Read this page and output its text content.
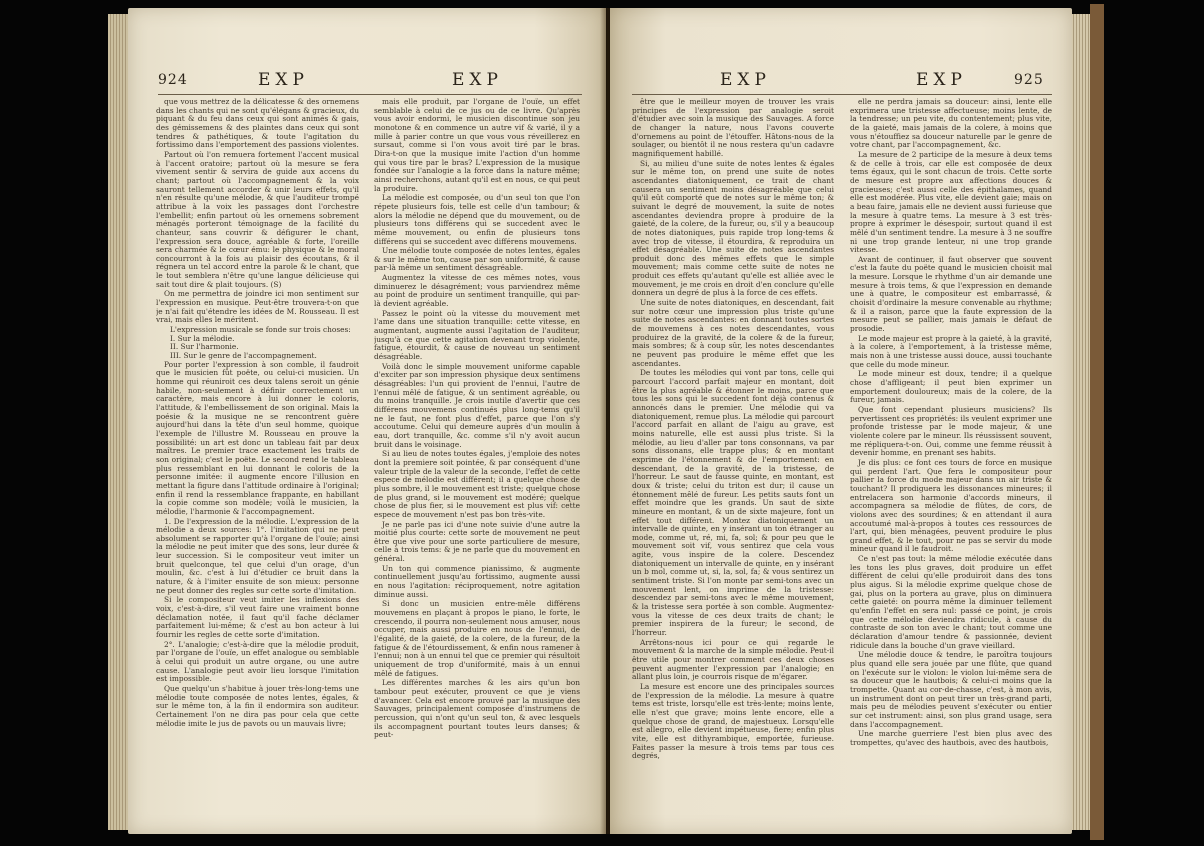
924	EXP	EXP

que vous mettrez de la délicatesse & des ornemens dans les chants qui ne sont qu'élégans & gracieux, du piquant & du feu dans ceux qui sont animés & gais, des gémissemens & des plaintes dans ceux qui sont tendres & pathétiques, & toute l'agitation du fortissimo dans l'emportement des passions violentes.

Partout où l'on remuera fortement l'accent musical à l'accent oratoire; partout où la mesure se fera vivement sentir & servira de guide aux accens du chant; partout où l'accompagnement & la voix sauront tellement accorder & unir leurs effets, qu'il n'en résulte qu'une mélodie, & que l'auditeur trompé attribue à la voix les passages dont l'orchestre l'embellit; enfin partout où les ornemens sobrement ménagés porteront témoignage de la facilité du chanteur, sans couvrir & défigurer le chant, l'expression sera douce, agréable & forte, l'oreille sera charmée & le cœur ému: le physique & le moral concourront à la fois au plaisir des écoutans, & il régnera un tel accord entre la parole & le chant, que le tout semblera n'être qu'une langue délicieuse qui sait tout dire & plait toujours. (S)

On me permettra de joindre ici mon sentiment sur l'expression en musique. Peut-être trouvera-t-on que je n'ai fait qu'étendre les idées de M. Rousseau. Il est vrai, mais elles le méritent.

L'expression musicale se fonde sur trois choses:

I. Sur la mélodie.

II. Sur l'harmonie.

III. Sur le genre de l'accompagnement.

Pour porter l'expression à son comble, il faudroit que le musicien fût poëte, ou celui-ci musicien. Un homme qui réuniroit ces deux talens seroit un génie habile, non-seulement à définir correctement un caractère, mais encore à lui donner le coloris, l'attitude, & l'embellissement de son original. Mais la poésie & la musique ne se rencontrent guère aujourd'hui dans la tête d'un seul homme, quoique l'exemple de l'illustre M. Rousseau en prouve la possibilité: un art est donc un tableau fait par deux maîtres. Le premier trace exactement les traits de son original; c'est le poëte. Le second rend le tableau plus ressemblant en lui donnant le coloris de la personne imitée: il augmente encore l'illusion en mettant la figure dans l'attitude ordinaire à l'original; enfin il rend la ressemblance frappante, en habillant la copie comme son modèle; voilà le musicien, la mélodie, l'harmonie & l'accompagnement.

1. De l'expression de la mélodie. L'expression de la mélodie a deux sources: 1°. l'imitation qui ne peut absolument se rapporter qu'à l'organe de l'ouïe; ainsi la mélodie ne peut imiter que des sons, leur durée & leur succession. Si le compositeur veut imiter un bruit quelconque, tel que celui d'un orage, d'un moulin, &c. c'est à lui d'étudier ce bruit dans la nature, & à l'imiter ensuite de son mieux: personne ne peut donner des regles sur cette sorte d'imitation.

Si le compositeur veut imiter les inflexions des voix, c'est-à-dire, s'il veut faire une vraiment bonne déclamation notée, il faut qu'il fache déclamer parfaitement lui-même; & c'est au bon acteur à lui fournir les regles de cette sorte d'imitation.

2°. L'analogie; c'est-à-dire que la mélodie produit, par l'organe de l'ouïe, un effet analogue ou semblable à celui qui produit un autre organe, ou une autre cause. L'analogie peut avoir lieu lorsque l'imitation est impossible.

Que quelqu'un s'habitue à jouer très-long-tems une mélodie toute composée de notes lentes, égales, & sur le même ton, à la fin il endormira son auditeur. Certainement l'on ne dira pas pour cela que cette mélodie imite le jus de pavots ou un mauvais livre;

mais elle produit, par l'organe de l'ouïe, un effet semblable à celui de ce jus ou de ce livre. Qu'après vous avoir endormi, le musicien discontinue son jeu monotone & en commence un autre vif & varié, il y a mille à parier contre un que vous vous réveillerez en sursaut, comme si l'on vous avoit tiré par le bras. Dira-t-on que la musique imite l'action d'un homme qui vous tire par le bras? L'expression de la musique fondée sur l'analogie a la force dans la nature même; ainsi recherchons, autant qu'il est en nous, ce qui peut la produire.

La mélodie est composée, ou d'un seul ton que l'on répete plusieurs fois, telle est celle d'un tambour; & alors la mélodie ne dépend que du mouvement, ou de plusieurs tons différens qui se succedent avec le même mouvement, ou enfin de plusieurs tons différens qui se succedent avec différens mouvemens.

Une mélodie toute composée de notes lentes, égales & sur le même ton, cause par son uniformité, & cause par-là même un sentiment désagréable.

Augmentez la vitesse de ces mêmes notes, vous diminuerez le désagrément; vous parviendrez même au point de produire un sentiment tranquille, qui par-là devient agréable.

Passez le point où la vitesse du mouvement met l'ame dans une situation tranquille: cette vitesse, en augmentant, augmente aussi l'agitation de l'auditeur, jusqu'à ce que cette agitation devenant trop violente, fatigue, étourdit, & cause de nouveau un sentiment désagréable.

Voilà donc le simple mouvement uniforme capable d'exciter par son impression physique deux sentimens désagréables: l'un qui provient de l'ennui, l'autre de l'ennui mêlé de fatigue, & un sentiment agréable, ou du moins tranquille. Je crois inutile d'avertir que ces différens mouvemens continués plus long-tems qu'il ne le faut, ne font plus d'effet, parce que l'on s'y accoutume. Celui qui demeure auprès d'un moulin à eau, dort tranquille, &c. comme s'il n'y avoit aucun bruit dans le voisinage.

Si au lieu de notes toutes égales, j'emploie des notes dont la premiere soit pointée, & par conséquent d'une valeur triple de la valeur de la seconde, l'effet de cette espece de mélodie est différent; il a quelque chose de plus sombre, il le mouvement est triste; quelque chose de plus grand, si le mouvement est modéré; quelque chose de plus fier, si le mouvement est plus vif: cette espece de mouvement n'est pas bon très-vite.

Je ne parle pas ici d'une note suivie d'une autre la moitié plus courte: cette sorte de mouvement ne peut être que vive pour une sorte particuliere de mesure, celle à trois tems: & je ne parle que du mouvement en général.

Un ton qui commence pianissimo, & augmente continuellement jusqu'au fortissimo, augmente aussi en nous l'agitation: réciproquement, notre agitation diminue aussi.

Si donc un musicien entre-mêle différens mouvemens en plaçant à propos le piano, le forte, le crescendo, il pourra non-seulement nous amuser, nous occuper, mais aussi produire en nous de l'ennui, de l'égalité, de la gaieté, de la colere, de la fureur, de la fatigue & de l'étourdissement, & enfin nous ramener à l'ennui; non à un ennui tel que ce premier qui résultoit uniquement de trop d'uniformité, mais à un ennui mêlé de fatigues.

Les différentes marches & les airs qu'un bon tambour peut exécuter, prouvent ce que je viens d'avancer. Cela est encore prouvé par la musique des Sauvages, principalement composée d'instrumens de percussion, qui n'ont qu'un seul ton, & avec lesquels ils accompagnent pourtant toutes leurs danses; & peut-

EXP	EXP	925

être que le meilleur moyen de trouver les vrais principes de l'expression par analogie seroit d'étudier avec soin la musique des Sauvages. A force de changer la nature, nous l'avons couverte d'ornemens au point de l'étouffer. Hâtons-nous de la soulager, ou bientôt il ne nous restera qu'un cadavre magnifiquement habillé.

Si, au milieu d'une suite de notes lentes & égales sur le même ton, on prend une suite de notes ascendantes diatoniquement, ce trait de chant causera un sentiment moins désagréable que celui qu'il eût comporté que de notes sur le même ton; & suivant le degré de mouvement, la suite de notes ascendantes deviendra propre à produire de la gaieté, de la colere, de la fureur, ou, s'il y a beaucoup de notes diatoniques, puis rapide trop long-tems & avec trop de vitesse, il étourdira, & reproduira un effet désagréable. Une suite de notes ascendantes produit donc des mêmes effets que le simple mouvement; mais comme cette suite de notes ne produit ces effets qu'autant qu'elle est alliée avec le mouvement, je me crois en droit d'en conclure qu'elle donnera un degré de plus à la force de ces effets.

Une suite de notes diatoniques, en descendant, fait sur notre cœur une impression plus triste qu'une suite de notes ascendantes: en donnant toutes sortes de mouvemens à ces notes descendantes, vous produirez de la gravité, de la colere & de la fureur, mais sombres; & à coup sûr, les notes descendantes ne peuvent pas produire le même effet que les ascendantes.

De toutes les mélodies qui vont par tons, celle qui parcourt l'accord parfait majeur en montant, doit être la plus agréable & étonner le moins, parce que tous les sons qui le succedent font déjà contenus & annoncés dans le premier. Une mélodie qui va diatoniquement, remue plus. La mélodie qui parcourt l'accord parfait en allant de l'aigu au grave, est moins naturelle, elle est aussi plus triste. Si la mélodie, au lieu d'aller par tons consonnans, va par sons dissonans, elle trappe plus; & en montant exprime de l'étonnement & de l'emportement: en descendant, de la gravité, de la tristesse, de l'horreur. Le saut de fausse quinte, en montant, est doux & triste; celui du triton est dur; il cause un étonnement mêlé de fureur. Les petits sauts font un effet moindre que les grands. Un saut de sixte mineure en montant, & un de sixte majeure, font un effet tout différent. Montez diatoniquement un intervalle de quinte, en y insérant un ton étranger au mode, comme ut, ré, mi, fa, sol; & pour peu que le mouvement soit vif, vous sentirez que cela vous agite, vous inspire de la colere. Descendez diatoniquement un intervalle de quinte, en y insérant un b mol, comme ut, si, la, sol, fa; & vous sentirez un sentiment triste. Si l'on monte par semi-tons avec un mouvement lent, on imprime de la tristesse: descendez par semi-tons avec le même mouvement, & la tristesse sera portée à son comble. Augmentez-vous la vitesse de ces deux traits de chant; le premier inspirera de la fureur; le second, de l'horreur.

Arrêtons-nous ici pour ce qui regarde le mouvement & la marche de la simple mélodie. Peut-il être utile pour montrer comment ces deux choses peuvent augmenter l'expression par l'analogie; en allant plus loin, je courrois risque de m'égarer.

La mesure est encore une des principales sources de l'expression de la mélodie. La mesure à quatre tems est triste, lorsqu'elle est très-lente; moins lente, elle n'est que grave; moins lente encore, elle a quelque chose de grand, de majestueux. Lorsqu'elle est allegro, elle devient impétueuse, fiere; enfin plus vite, elle est dithyrambique, emportée, furieuse. Faites passer la mesure à trois tems par tous ces degrés,

elle ne perdra jamais sa douceur: ainsi, lente elle exprimera une tristesse affectueuse; moins lente, de la tendresse; un peu vite, du contentement; plus vite, de la gaieté, mais jamais de la colere, à moins que vous n'étouffiez sa douceur naturelle par le genre de votre chant, par l'accompagnement, &c.

La mesure de 2 participe de la mesure à deux tems & de celle à trois, car elle est composée de deux tems égaux, qui le sont chacun de trois. Cette sorte de mesure est propre aux affections douces & gracieuses; c'est aussi celle des épithalames, quand elle est modérée. Plus vite, elle devient gaie; mais on a beau faire, jamais elle ne devient aussi furieuse que la mesure à quatre tems. La mesure à 3 est très-propre à exprimer le désespoir, surtout quand il est mêlé d'un sentiment tendre. La mesure à 3 ne souffre ni une trop grande lenteur, ni une trop grande vitesse.

Avant de continuer, il faut observer que souvent c'est la faute du poëte quand le musicien choisit mal la mesure. Lorsque le rhythme d'un air demande une mesure à trois tems, & que l'expression en demande une à quatre, le compositeur est embarrassé, & choisit d'ordinaire la mesure convenable au rhythme; & il a raison, parce que la faute expression de la mesure peut se pallier, mais jamais le défaut de prosodie.

Le mode majeur est propre à la gaieté, à la gravité, à la colere, à l'emportement, à la tristesse même, mais non à une tristesse aussi douce, aussi touchante que celle du mode mineur.

Le mode mineur est doux, tendre; il a quelque chose d'affligeant; il peut bien exprimer un emportement douloureux; mais de la colere, de la fureur, jamais.

Que font cependant plusieurs musiciens? Ils pervertissent ces propriétés: ils veulent exprimer une profonde tristesse par le mode majeur, & une violente colere par le mineur. Ils réussissent souvent, me répliquera-t-on. Oui, comme une femme réussit à devenir homme, en prenant ses habits.

Je dis plus: ce font ces tours de force en musique qui perdent l'art. Que fera le compositeur pour pallier la force du mode majeur dans un air triste & touchant? Il prodiguera les dissonances mineures; il entrelacera son harmonie d'accords mineurs, il accompagnera sa mélodie de flûtes, de cors, de violons avec des sourdines; & en attendant il aura accoutumé mal-à-propos à toutes ces ressources de l'art, qui, bien ménagées, peuvent produire le plus grand effet, & le tout, pour ne pas se servir du mode mineur quand il le faudroit.

Ce n'est pas tout: la même mélodie exécutée dans les tons les plus graves, doit produire un effet différent de celui qu'elle produiroit dans des tons plus aigus. Si la mélodie exprime quelque chose de gai, plus on la portera au grave, plus on diminuera cette gaieté: on pourra même la diminuer tellement qu'enfin l'effet en sera nul: passé ce point, je crois que cette mélodie deviendra ridicule, à cause du contraste de son ton avec le chant; tout comme une déclaration d'amour tendre & passionnée, devient ridicule dans la bouche d'un grave vieillard.

Une mélodie douce & tendre, le paroîtra toujours plus quand elle sera jouée par une flûte, que quand on l'exécute sur le violon: le violon lui-même sera de sa douceur que le hautbois; & celui-ci moins que la trompette. Quant au cor-de-chasse, c'est, à mon avis, un instrument dont on peut tirer un très-grand parti, mais peu de mélodies peuvent s'exécuter ou entier sur cet instrument: ainsi, son plus grand usage, sera dans l'accompagnement.

Une marche guerriere l'est bien plus avec des trompettes, qu'avec des hautbois, avec des hautbois,
